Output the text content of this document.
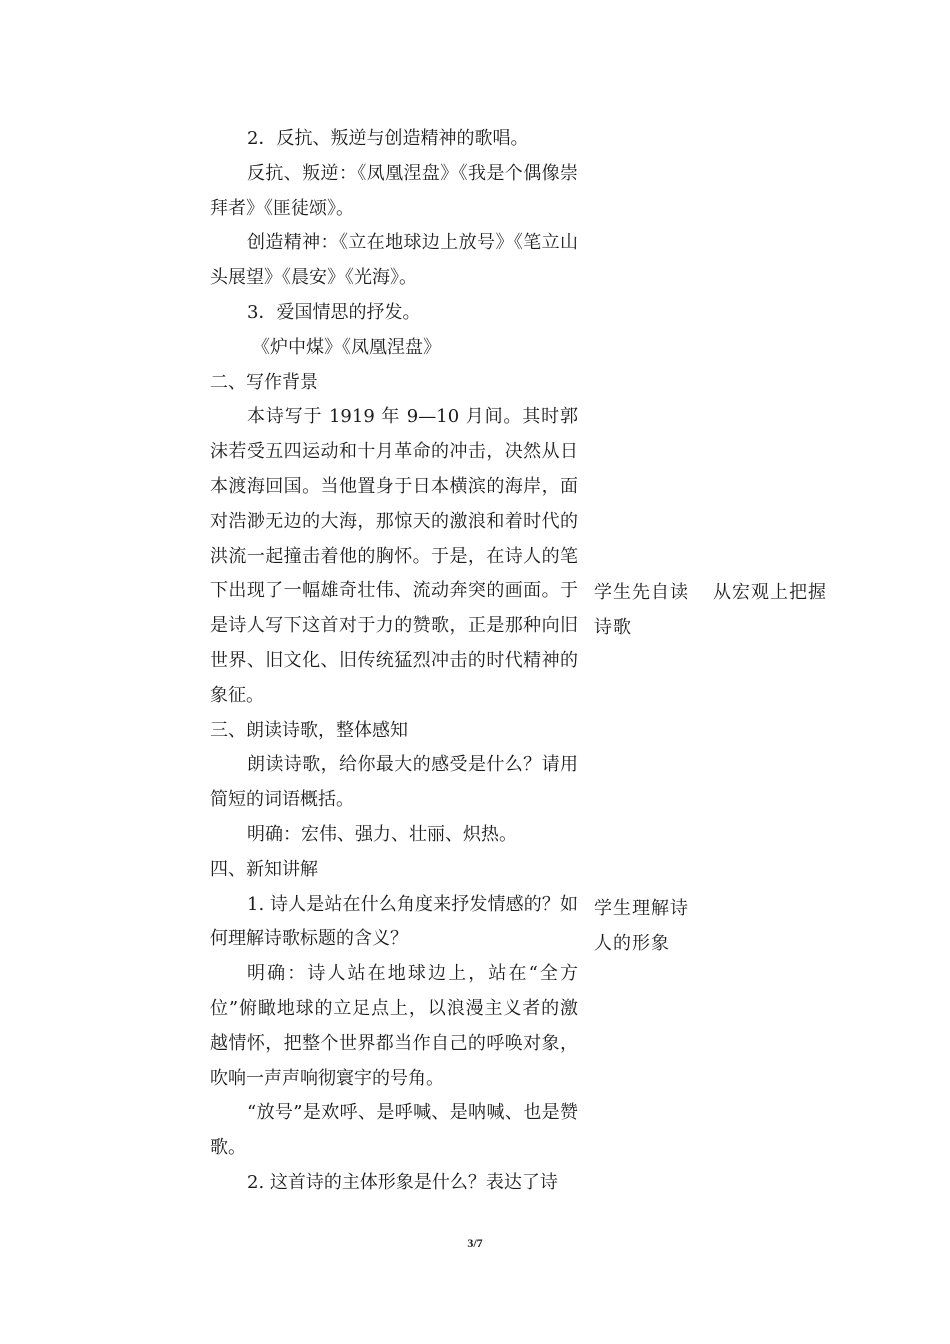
2．反抗、叛逆与创造精神的歌唱。

反抗、叛逆：《凤凰涅盘》《我是个偶像崇拜者》《匪徒颂》。

创造精神：《立在地球边上放号》《笔立山头展望》《晨安》《光海》。

3．爱国情思的抒发。

《炉中煤》《凤凰涅盘》

二、写作背景

本诗写于 1919 年 9—10 月间。其时郭沫若受五四运动和十月革命的冲击，决然从日本渡海回国。当他置身于日本横滨的海岸，面对浩渺无边的大海，那惊天的激浪和着时代的洪流一起撞击着他的胸怀。于是，在诗人的笔下出现了一幅雄奇壮伟、流动奔突的画面。于是诗人写下这首对于力的赞歌，正是那种向旧世界、旧文化、旧传统猛烈冲击的时代精神的象征。

三、朗读诗歌，整体感知

朗读诗歌，给你最大的感受是什么？请用简短的词语概括。

明确：宏伟、强力、壮丽、炽热。

四、新知讲解

1. 诗人是站在什么角度来抒发情感的？如何理解诗歌标题的含义？

明确：诗人站在地球边上，站在“全方位”俯瞰地球的立足点上，以浪漫主义者的激越情怀，把整个世界都当作自己的呼唤对象，吹响一声声响彻寰宇的号角。

“放号”是欢呼、是呼喊、是呐喊、也是赞歌。

2. 这首诗的主体形象是什么？表达了诗

学生先自读诗歌

从宏观上把握

学生理解诗人的形象

3/7
